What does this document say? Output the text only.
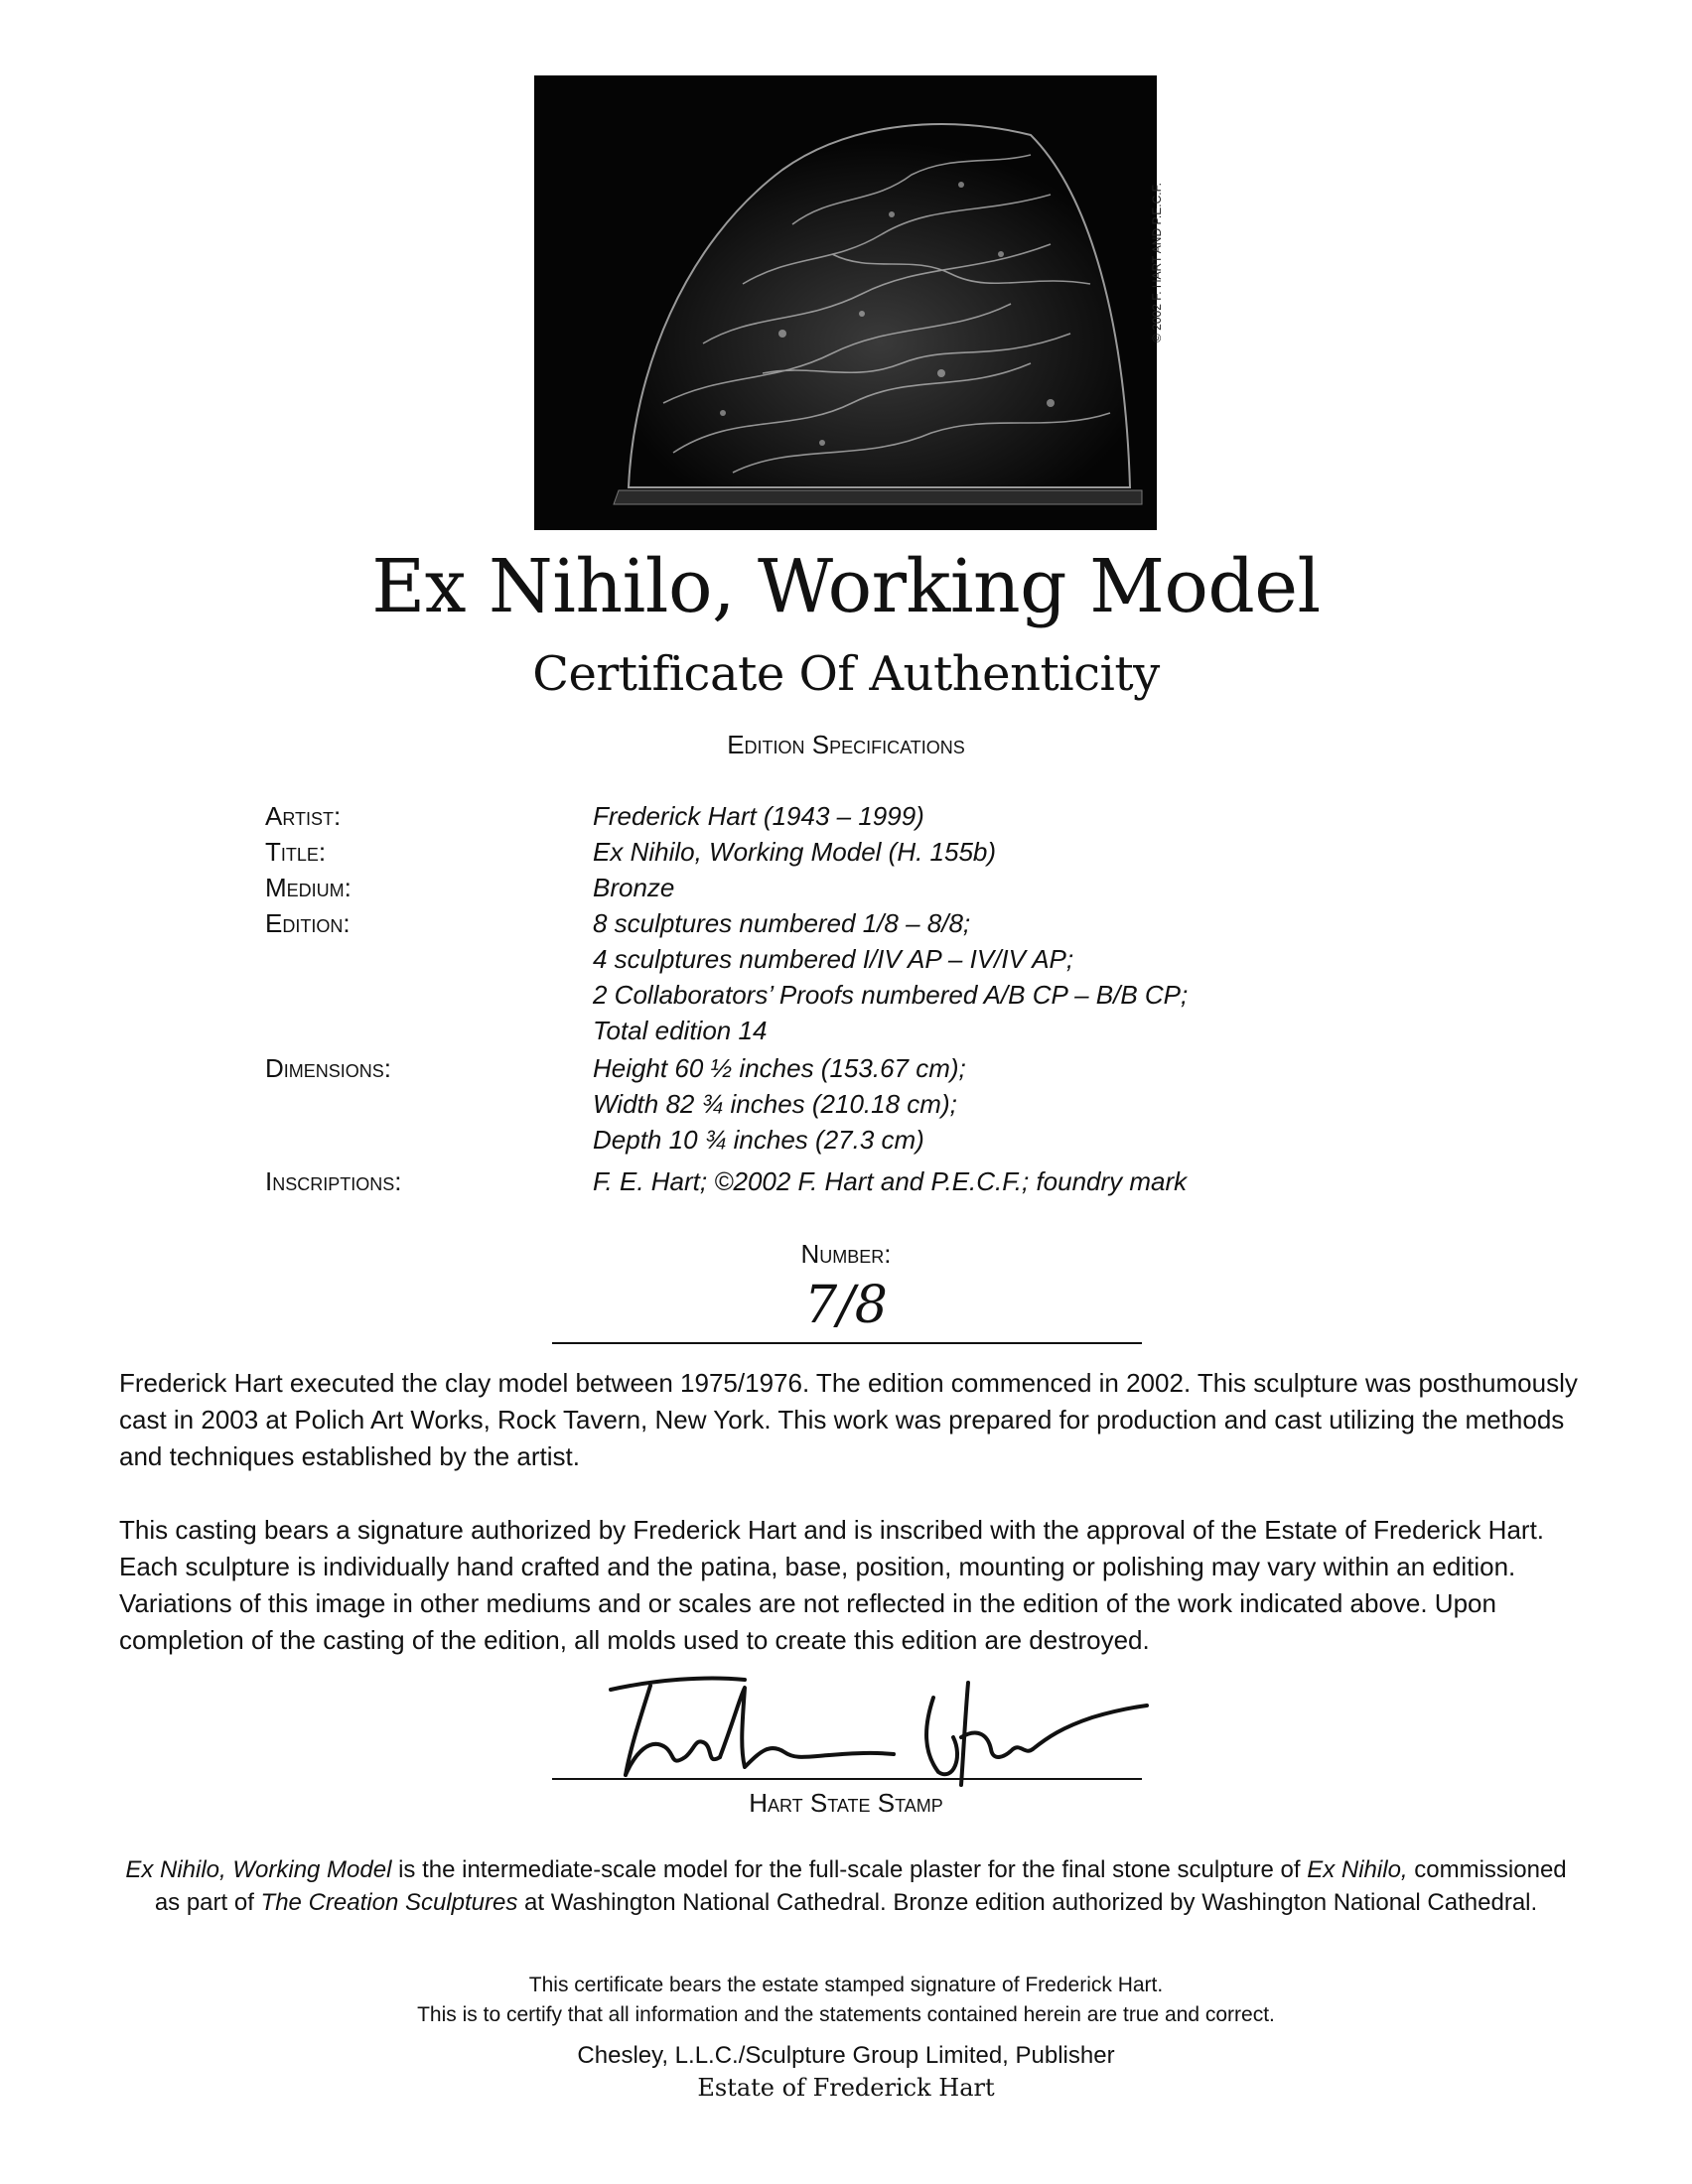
© 2002 F. HART AND P.E.C.F.
Ex Nihilo, Working Model
Certificate Of Authenticity
Edition Specifications
Artist:	Frederick Hart (1943 – 1999)
Title:	Ex Nihilo, Working Model (H. 155b)
Medium:	Bronze
Edition:	8 sculptures numbered 1/8 – 8/8;
4 sculptures numbered I/IV AP – IV/IV AP;
2 Collaborators’ Proofs numbered A/B CP – B/B CP;
Total edition 14
Dimensions:	Height 60 ½ inches (153.67 cm);
Width 82 ¾ inches (210.18 cm);
Depth 10 ¾ inches (27.3 cm)
Inscriptions:	F. E. Hart; ©2002 F. Hart and P.E.C.F.; foundry mark
Number:
7/8
Frederick Hart executed the clay model between 1975/1976. The edition commenced in 2002. This sculpture was posthumously cast in 2003 at Polich Art Works, Rock Tavern, New York. This work was prepared for production and cast utilizing the methods and techniques established by the artist.
This casting bears a signature authorized by Frederick Hart and is inscribed with the approval of the Estate of Frederick Hart. Each sculpture is individually hand crafted and the patina, base, position, mounting or polishing may vary within an edition. Variations of this image in other mediums and or scales are not reflected in the edition of the work indicated above. Upon completion of the casting of the edition, all molds used to create this edition are destroyed.
Hart State Stamp
Ex Nihilo, Working Model is the intermediate-scale model for the full-scale plaster for the final stone sculpture of Ex Nihilo, commissioned as part of The Creation Sculptures at Washington National Cathedral. Bronze edition authorized by Washington National Cathedral.
This certificate bears the estate stamped signature of Frederick Hart.
This is to certify that all information and the statements contained herein are true and correct.
Chesley, L.L.C./Sculpture Group Limited, Publisher
Estate of Frederick Hart
